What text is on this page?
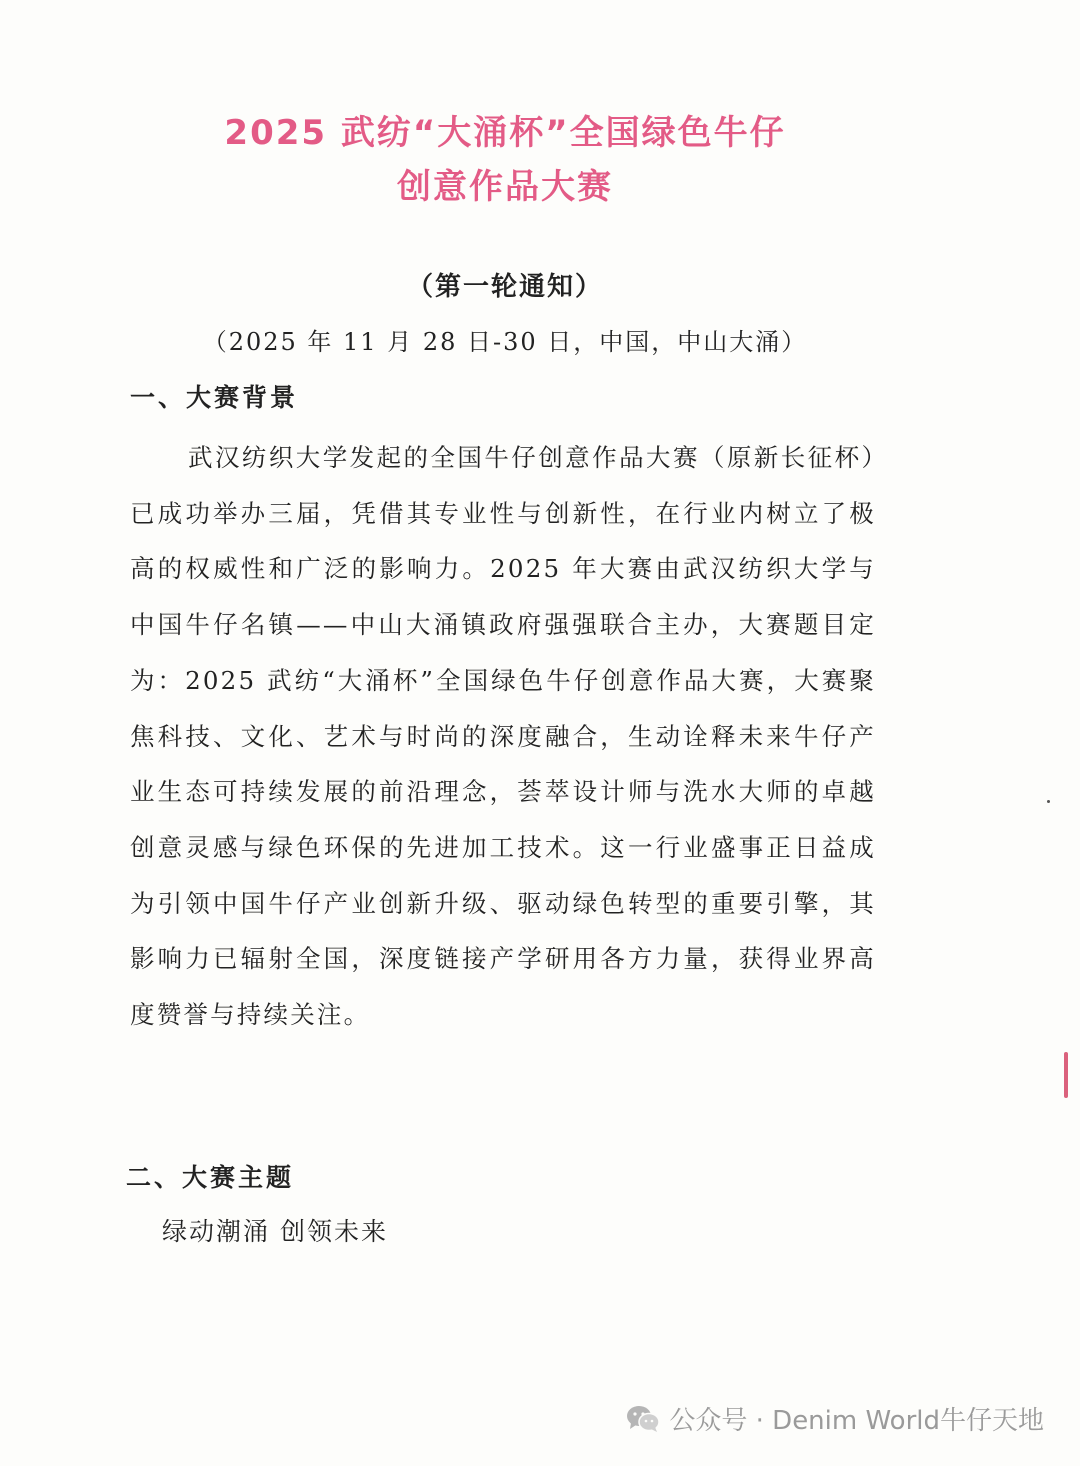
2025 武纺“大涌杯”全国绿色牛仔
创意作品大赛
（第一轮通知）
（2025 年 11 月 28 日-30 日，中国，中山大涌）
一、大赛背景
武汉纺织大学发起的全国牛仔创意作品大赛（原新长征杯）已成功举办三届，凭借其专业性与创新性，在行业内树立了极高的权威性和广泛的影响力。2025 年大赛由武汉纺织大学与中国牛仔名镇——中山大涌镇政府强强联合主办，大赛题目定为：2025 武纺“大涌杯”全国绿色牛仔创意作品大赛，大赛聚焦科技、文化、艺术与时尚的深度融合，生动诠释未来牛仔产业生态可持续发展的前沿理念，荟萃设计师与洗水大师的卓越创意灵感与绿色环保的先进加工技术。这一行业盛事正日益成为引领中国牛仔产业创新升级、驱动绿色转型的重要引擎，其影响力已辐射全国，深度链接产学研用各方力量，获得业界高度赞誉与持续关注。
二、大赛主题
绿动潮涌 创领未来
公众号 · Denim World牛仔天地
